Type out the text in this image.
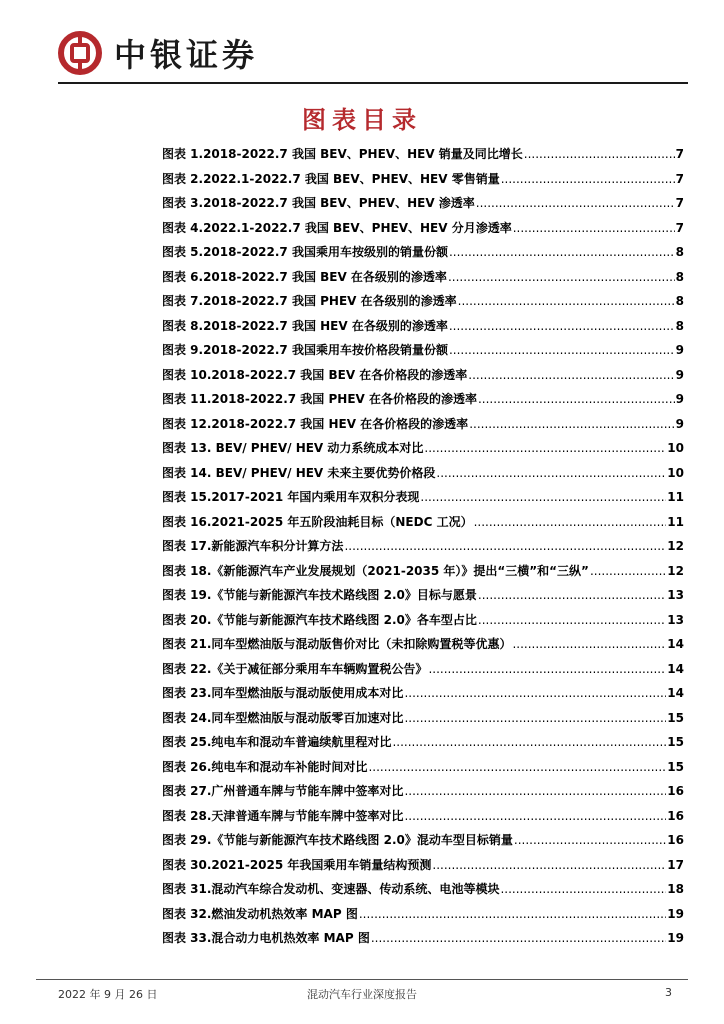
中银证券
图表目录
图表 1.2018-2022.7 我国 BEV、PHEV、HEV 销量及同比增长 .....	7
图表 2.2022.1-2022.7 我国 BEV、PHEV、HEV 零售销量 .....	7
图表 3.2018-2022.7 我国 BEV、PHEV、HEV 渗透率 .....	7
图表 4.2022.1-2022.7 我国 BEV、PHEV、HEV 分月渗透率 .....	7
图表 5.2018-2022.7 我国乘用车按级别的销量份额 .....	8
图表 6.2018-2022.7 我国 BEV 在各级别的渗透率 .....	8
图表 7.2018-2022.7 我国 PHEV 在各级别的渗透率 .....	8
图表 8.2018-2022.7 我国 HEV 在各级别的渗透率 .....	8
图表 9.2018-2022.7 我国乘用车按价格段销量份额 .....	9
图表 10.2018-2022.7 我国 BEV 在各价格段的渗透率 .....	9
图表 11.2018-2022.7 我国 PHEV 在各价格段的渗透率 .....	9
图表 12.2018-2022.7 我国 HEV 在各价格段的渗透率 .....	9
图表 13. BEV/ PHEV/ HEV 动力系统成本对比 .....	10
图表 14. BEV/ PHEV/ HEV 未来主要优势价格段 .....	10
图表 15.2017-2021 年国内乘用车双积分表现 .....	11
图表 16.2021-2025 年五阶段油耗目标（NEDC 工况） .....	11
图表 17.新能源汽车积分计算方法 .....	12
图表 18.《新能源汽车产业发展规划（2021-2035 年）》提出“三横”和“三纵” .....	12
图表 19.《节能与新能源汽车技术路线图 2.0》目标与愿景 .....	13
图表 20.《节能与新能源汽车技术路线图 2.0》各车型占比 .....	13
图表 21.同车型燃油版与混动版售价对比（未扣除购置税等优惠） .....	14
图表 22.《关于减征部分乘用车车辆购置税公告》 .....	14
图表 23.同车型燃油版与混动版使用成本对比 .....	14
图表 24.同车型燃油版与混动版零百加速对比 .....	15
图表 25.纯电车和混动车普遍续航里程对比 .....	15
图表 26.纯电车和混动车补能时间对比 .....	15
图表 27.广州普通车牌与节能车牌中签率对比 .....	16
图表 28.天津普通车牌与节能车牌中签率对比 .....	16
图表 29.《节能与新能源汽车技术路线图 2.0》混动车型目标销量 .....	16
图表 30.2021-2025 年我国乘用车销量结构预测 .....	17
图表 31.混动汽车综合发动机、变速器、传动系统、电池等模块 .....	18
图表 32.燃油发动机热效率 MAP 图 .....	19
图表 33.混合动力电机热效率 MAP 图 .....	19
2022 年 9 月 26 日	混动汽车行业深度报告	3
